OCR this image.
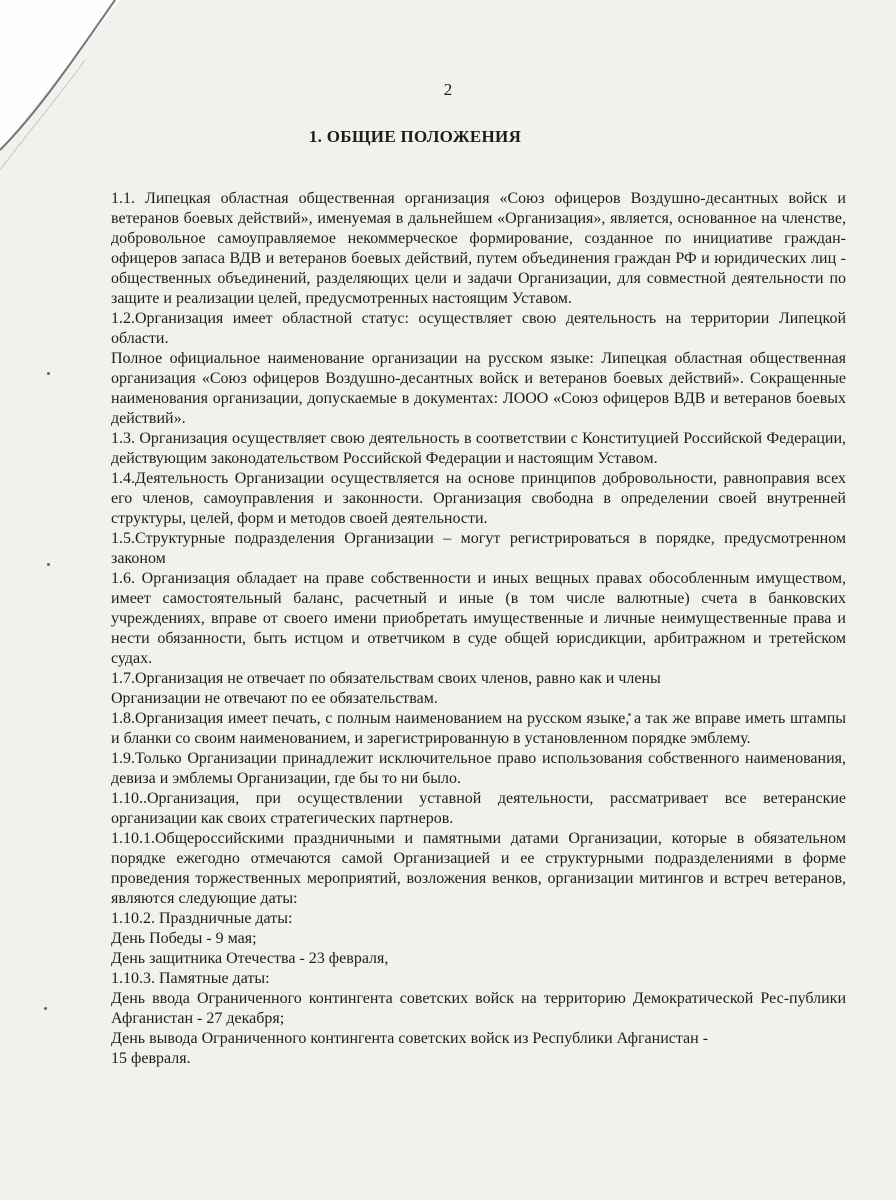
2
1. ОБЩИЕ ПОЛОЖЕНИЯ

1.1. Липецкая областная общественная организация «Союз офицеров Воздушно-десантных войск и ветеранов боевых действий», именуемая в дальнейшем «Организация», является, основанное на членстве, добровольное самоуправляемое некоммерческое формирование, созданное по инициативе граждан-офицеров запаса ВДВ и ветеранов боевых действий, путем объединения граждан РФ и юридических лиц - общественных объединений, разделяющих цели и задачи Организации, для совместной деятельности по защите и реализации целей, предусмотренных настоящим Уставом.

1.2.Организация имеет областной статус: осуществляет свою деятельность на территории Липецкой области.

Полное официальное наименование организации на русском языке: Липецкая областная общественная организация «Союз офицеров Воздушно-десантных войск и ветеранов боевых действий». Сокращенные наименования организации, допускаемые в документах: ЛООО «Союз офицеров ВДВ и ветеранов боевых действий».

1.3. Организация осуществляет свою деятельность в соответствии с Конституцией Российской Федерации, действующим законодательством Российской Федерации и настоящим Уставом.

1.4.Деятельность Организации осуществляется на основе принципов добровольности, равноправия всех его членов, самоуправления и законности. Организация свободна в определении своей внутренней структуры, целей, форм и методов своей деятельности.

1.5.Структурные подразделения Организации – могут регистрироваться в порядке, предусмотренном законом

1.6. Организация обладает на праве собственности и иных вещных правах обособленным имуществом, имеет самостоятельный баланс, расчетный и иные (в том числе валютные) счета в банковских учреждениях, вправе от своего имени приобретать имущественные и личные неимущественные права и нести обязанности, быть истцом и ответчиком в суде общей юрисдикции, арбитражном и третейском судах.

1.7.Организация не отвечает по обязательствам своих членов, равно как и члены

Организации не отвечают по ее обязательствам.

1.8.Организация имеет печать, с полным наименованием на русском языке, а так же вправе иметь штампы и бланки со своим наименованием, и зарегистрированную в установленном порядке эмблему.

1.9.Только Организации принадлежит исключительное право использования собственного наименования, девиза и эмблемы Организации, где бы то ни было.

1.10..Организация, при осуществлении уставной деятельности, рассматривает все ветеранские организации как своих стратегических партнеров.

1.10.1.Общероссийскими праздничными и памятными датами Организации, которые в обязательном порядке ежегодно отмечаются самой Организацией и ее структурными подразделениями в форме проведения торжественных мероприятий, возложения венков, организации митингов и встреч ветеранов, являются следующие даты:

1.10.2. Праздничные даты:

День Победы - 9 мая;

День защитника Отечества - 23 февраля,

1.10.3. Памятные даты:

День ввода Ограниченного контингента советских войск на территорию Демократической Рес-публики Афганистан - 27 декабря;

День вывода Ограниченного контингента советских войск из Республики Афганистан -

15 февраля.
